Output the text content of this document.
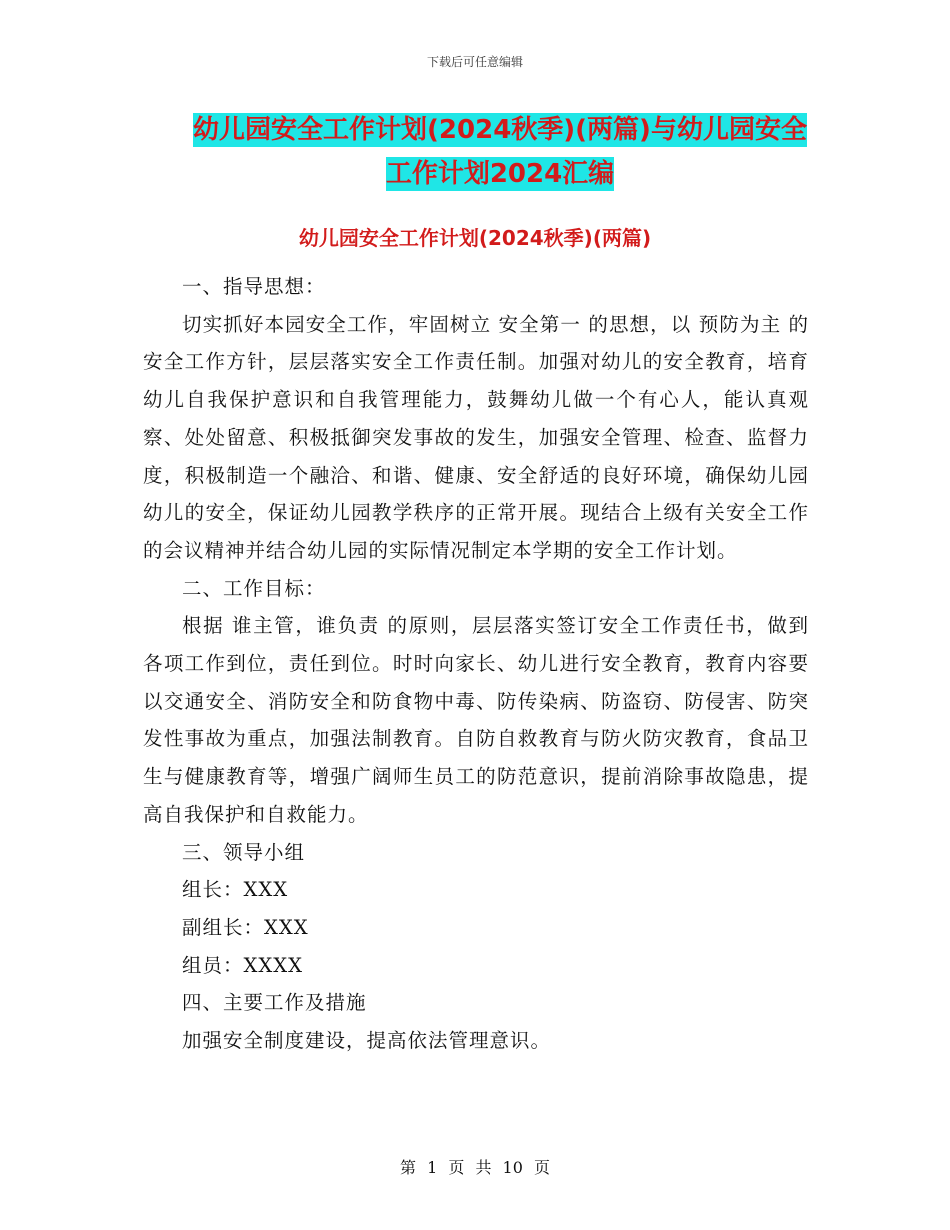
下载后可任意编辑
幼儿园安全工作计划(2024秋季)(两篇)与幼儿园安全
工作计划2024汇编
幼儿园安全工作计划(2024秋季)(两篇)

一、指导思想：

切实抓好本园安全工作，牢固树立 安全第一 的思想，以 预防为主 的安全工作方针，层层落实安全工作责任制。加强对幼儿的安全教育，培育幼儿自我保护意识和自我管理能力，鼓舞幼儿做一个有心人，能认真观察、处处留意、积极抵御突发事故的发生，加强安全管理、检查、监督力度，积极制造一个融洽、和谐、健康、安全舒适的良好环境，确保幼儿园幼儿的安全，保证幼儿园教学秩序的正常开展。现结合上级有关安全工作的会议精神并结合幼儿园的实际情况制定本学期的安全工作计划。

二、工作目标：

根据 谁主管，谁负责 的原则，层层落实签订安全工作责任书，做到各项工作到位，责任到位。时时向家长、幼儿进行安全教育，教育内容要以交通安全、消防安全和防食物中毒、防传染病、防盗窃、防侵害、防突发性事故为重点，加强法制教育。自防自救教育与防火防灾教育，食品卫生与健康教育等，增强广阔师生员工的防范意识，提前消除事故隐患，提高自我保护和自救能力。

三、领导小组

组长：XXX

副组长：XXX

组员：XXXX

四、主要工作及措施

加强安全制度建设，提高依法管理意识。

第 1 页 共 10 页
